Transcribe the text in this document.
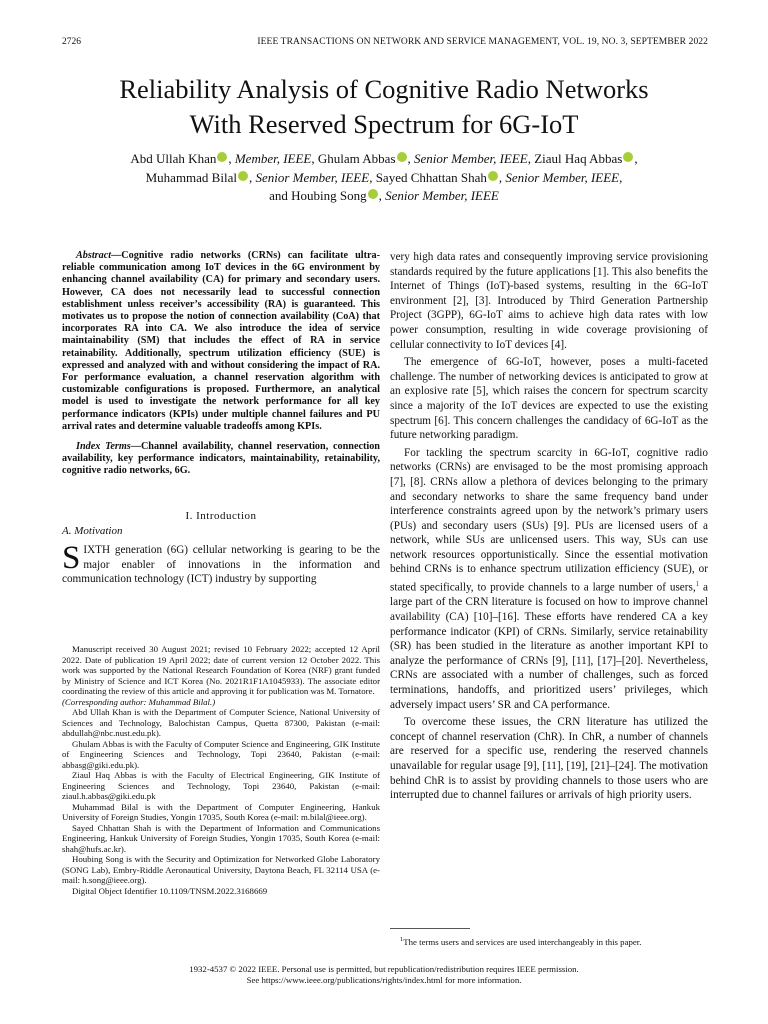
2726	IEEE TRANSACTIONS ON NETWORK AND SERVICE MANAGEMENT, VOL. 19, NO. 3, SEPTEMBER 2022
Reliability Analysis of Cognitive Radio Networks
With Reserved Spectrum for 6G-IoT
Abd Ullah Khan , Member, IEEE, Ghulam Abbas , Senior Member, IEEE, Ziaul Haq Abbas ,
Muhammad Bilal , Senior Member, IEEE, Sayed Chhattan Shah , Senior Member, IEEE,
and Houbing Song , Senior Member, IEEE

Abstract—Cognitive radio networks (CRNs) can facilitate ultra-reliable communication among IoT devices in the 6G environment by enhancing channel availability (CA) for primary and secondary users. However, CA does not necessarily lead to successful connection establishment unless receiver’s accessibility (RA) is guaranteed. This motivates us to propose the notion of connection availability (CoA) that incorporates RA into CA. We also introduce the idea of service maintainability (SM) that includes the effect of RA in service retainability. Additionally, spectrum utilization efficiency (SUE) is expressed and analyzed with and without considering the impact of RA. For performance evaluation, a channel reservation algorithm with customizable configurations is proposed. Furthermore, an analytical model is used to investigate the network performance for all key performance indicators (KPIs) under multiple channel failures and PU arrival rates and determine valuable tradeoffs among KPIs.

Index Terms—Channel availability, channel reservation, connection availability, key performance indicators, maintainability, retainability, cognitive radio networks, 6G.

I. Introduction
A. Motivation

SIXTH generation (6G) cellular networking is gearing to be the major enabler of innovations in the information and communication technology (ICT) industry by supporting

Manuscript received 30 August 2021; revised 10 February 2022; accepted 12 April 2022. Date of publication 19 April 2022; date of current version 12 October 2022. This work was supported by the National Research Foundation of Korea (NRF) grant funded by Ministry of Science and ICT Korea (No. 2021R1F1A1045933). The associate editor coordinating the review of this article and approving it for publication was M. Tornatore.

(Corresponding author: Muhammad Bilal.)

Abd Ullah Khan is with the Department of Computer Science, National University of Sciences and Technology, Balochistan Campus, Quetta 87300, Pakistan (e-mail: abdullah@nbc.nust.edu.pk).

Ghulam Abbas is with the Faculty of Computer Science and Engineering, GIK Institute of Engineering Sciences and Technology, Topi 23640, Pakistan (e-mail: abbasg@giki.edu.pk).

Ziaul Haq Abbas is with the Faculty of Electrical Engineering, GIK Institute of Engineering Sciences and Technology, Topi 23640, Pakistan (e-mail: ziaul.h.abbas@giki.edu.pk

Muhammad Bilal is with the Department of Computer Engineering, Hankuk University of Foreign Studies, Yongin 17035, South Korea (e-mail: m.bilal@ieee.org).

Sayed Chhattan Shah is with the Department of Information and Communications Engineering, Hankuk University of Foreign Studies, Yongin 17035, South Korea (e-mail: shah@hufs.ac.kr).

Houbing Song is with the Security and Optimization for Networked Globe Laboratory (SONG Lab), Embry-Riddle Aeronautical University, Daytona Beach, FL 32114 USA (e-mail: h.song@ieee.org).

Digital Object Identifier 10.1109/TNSM.2022.3168669

very high data rates and consequently improving service provisioning standards required by the future applications [1]. This also benefits the Internet of Things (IoT)-based systems, resulting in the 6G-IoT environment [2], [3]. Introduced by Third Generation Partnership Project (3GPP), 6G-IoT aims to achieve high data rates with low power consumption, resulting in wide coverage provisioning of cellular connectivity to IoT devices [4].

The emergence of 6G-IoT, however, poses a multi-faceted challenge. The number of networking devices is anticipated to grow at an explosive rate [5], which raises the concern for spectrum scarcity since a majority of the IoT devices are expected to use the existing spectrum [6]. This concern challenges the candidacy of 6G-IoT as the future networking paradigm.

For tackling the spectrum scarcity in 6G-IoT, cognitive radio networks (CRNs) are envisaged to be the most promising approach [7], [8]. CRNs allow a plethora of devices belonging to the primary and secondary networks to share the same frequency band under interference constraints agreed upon by the network’s primary users (PUs) and secondary users (SUs) [9]. PUs are licensed users of a network, while SUs are unlicensed users. This way, SUs can use network resources opportunistically. Since the essential motivation behind CRNs is to enhance spectrum utilization efficiency (SUE), or stated specifically, to provide channels to a large number of users,$^1$ a large part of the CRN literature is focused on how to improve channel availability (CA) [10]–[16]. These efforts have rendered CA a key performance indicator (KPI) of CRNs. Similarly, service retainability (SR) has been studied in the literature as another important KPI to analyze the performance of CRNs [9], [11], [17]–[20]. Nevertheless, CRNs are associated with a number of challenges, such as forced terminations, handoffs, and prioritized users’ privileges, which adversely impact users’ SR and CA performance.

To overcome these issues, the CRN literature has utilized the concept of channel reservation (ChR). In ChR, a number of channels are reserved for a specific use, rendering the reserved channels unavailable for regular usage [9], [11], [19], [21]–[24]. The motivation behind ChR is to assist by providing channels to those users who are interrupted due to channel failures or arrivals of high priority users.

$^1$The terms users and services are used interchangeably in this paper.
1932-4537 © 2022 IEEE. Personal use is permitted, but republication/redistribution requires IEEE permission.
See https://www.ieee.org/publications/rights/index.html for more information.
